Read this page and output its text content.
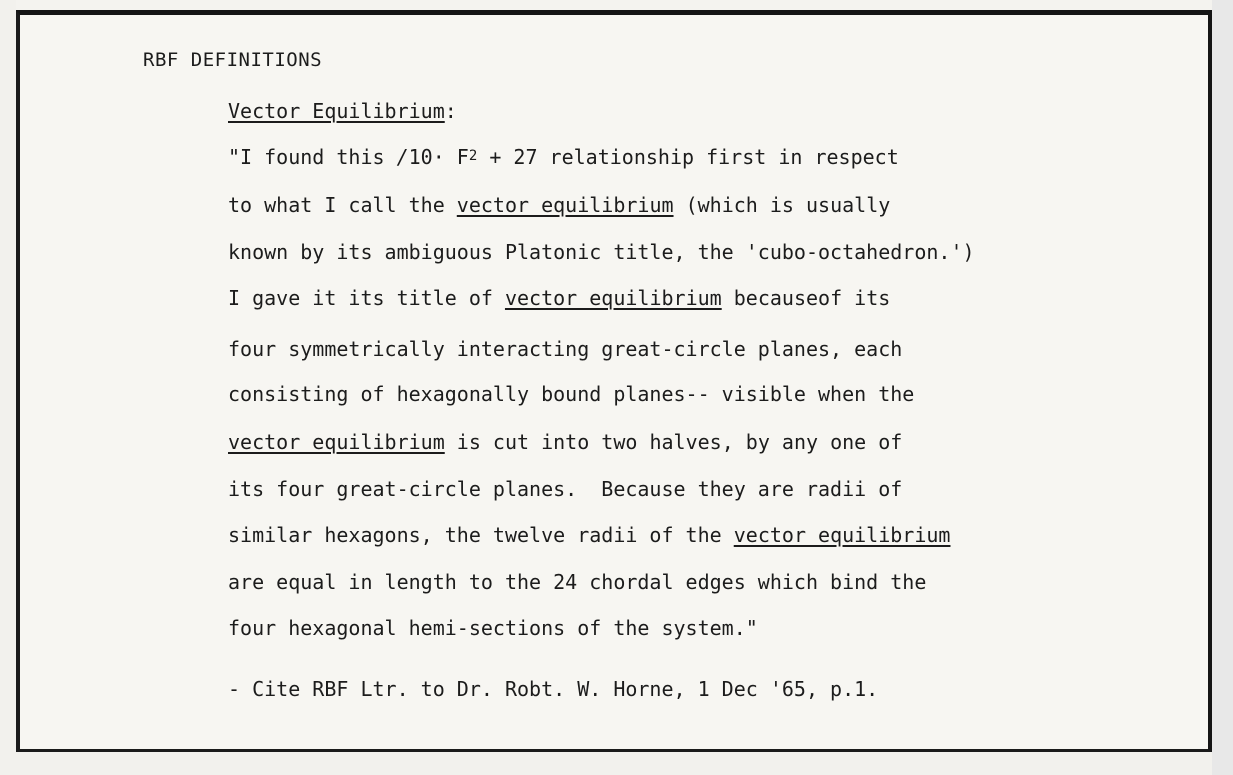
RBF DEFINITIONS
Vector Equilibrium:
"I found this $/10\cdot F^2 + 27$ relationship first in respect
to what I call the vector equilibrium (which is usually
known by its ambiguous Platonic title, the 'cubo-octahedron.')
I gave it its title of vector equilibrium becauseof its
four symmetrically interacting great-circle planes, each
consisting of hexagonally bound planes-- visible when the
vector equilibrium is cut into two halves, by any one of
its four great-circle planes.  Because they are radii of
similar hexagons, the twelve radii of the vector equilibrium
are equal in length to the 24 chordal edges which bind the
four hexagonal hemi-sections of the system."
- Cite RBF Ltr. to Dr. Robt. W. Horne, 1 Dec '65, p.1.
